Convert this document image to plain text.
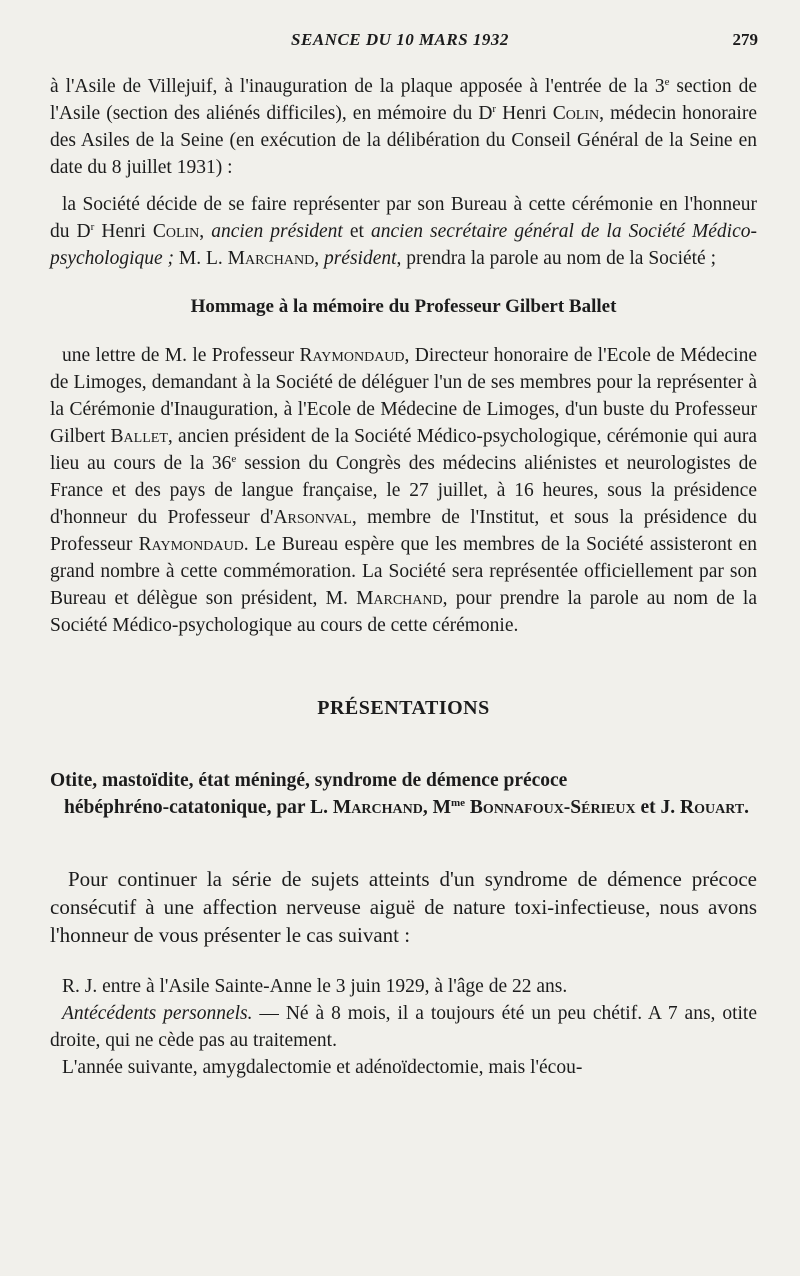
SEANCE DU 10 MARS 1932	279

à l'Asile de Villejuif, à l'inauguration de la plaque apposée à l'entrée de la 3e section de l'Asile (section des aliénés difficiles), en mémoire du $D^r$ Henri Colin, médecin honoraire des Asiles de la Seine (en exécution de la délibération du Conseil Général de la Seine en date du 8 juillet 1931) :

la Société décide de se faire représenter par son Bureau à cette cérémonie en l'honneur du $D^r$ Henri Colin, ancien président et ancien secrétaire général de la Société Médico-psychologique ; M. L. Marchand, président, prendra la parole au nom de la Société ;

Hommage à la mémoire du Professeur Gilbert Ballet

une lettre de M. le Professeur Raymondaud, Directeur honoraire de l'Ecole de Médecine de Limoges, demandant à la Société de déléguer l'un de ses membres pour la représenter à la Cérémonie d'Inauguration, à l'Ecole de Médecine de Limoges, d'un buste du Professeur Gilbert Ballet, ancien président de la Société Médico-psychologique, cérémonie qui aura lieu au cours de la 36e session du Congrès des médecins aliénistes et neurologistes de France et des pays de langue française, le 27 juillet, à 16 heures, sous la présidence d'honneur du Professeur d'Arsonval, membre de l'Institut, et sous la présidence du Professeur Raymondaud. Le Bureau espère que les membres de la Société assisteront en grand nombre à cette commémoration. La Société sera représentée officiellement par son Bureau et délègue son président, M. Marchand, pour prendre la parole au nom de la Société Médico-psychologique au cours de cette cérémonie.

PRÉSENTATIONS
Otite, mastoïdite, état méningé, syndrome de démence précoce
hébéphréno-catatonique, par L. Marchand, $M^{me}$ Bonnafoux-Sérieux et J. Rouart.

Pour continuer la série de sujets atteints d'un syndrome de démence précoce consécutif à une affection nerveuse aiguë de nature toxi-infectieuse, nous avons l'honneur de vous présenter le cas suivant :

R. J. entre à l'Asile Sainte-Anne le 3 juin 1929, à l'âge de 22 ans.

Antécédents personnels. — Né à 8 mois, il a toujours été un peu chétif. A 7 ans, otite droite, qui ne cède pas au traitement.

L'année suivante, amygdalectomie et adénoïdectomie, mais l'écou-
